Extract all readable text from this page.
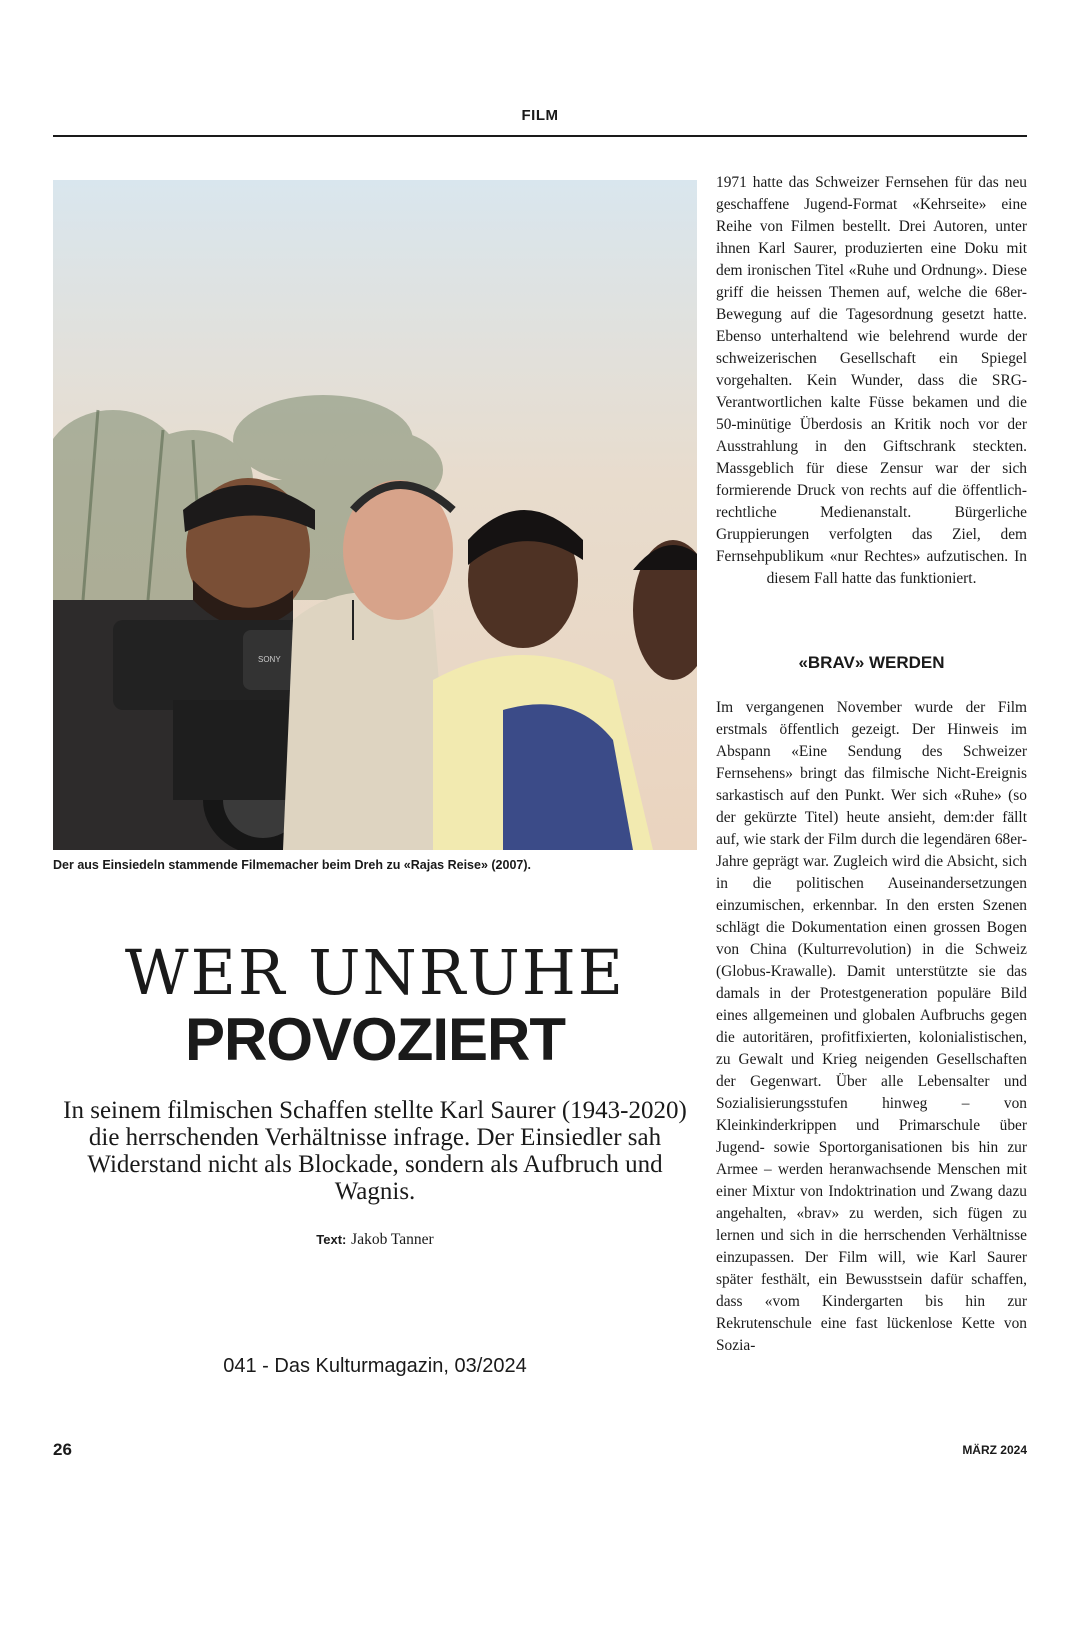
FILM
SONY
Der aus Einsiedeln stammende Filmemacher beim Dreh zu «Rajas Reise» (2007).
WER UNRUHE
PROVOZIERT
In seinem filmischen Schaffen stellte Karl Saurer (1943-2020) die herrschenden Verhältnisse infrage. Der Einsiedler sah Widerstand nicht als Blockade, sondern als Aufbruch und Wagnis.
Text: Jakob Tanner
041 - Das Kulturmagazin, 03/2024

1971 hatte das Schweizer Fernsehen für das neu geschaffene Jugend-Format «Kehrseite» eine Reihe von Filmen bestellt. Drei Autoren, unter ihnen Karl Saurer, produzierten eine Doku mit dem ironischen Titel «Ruhe und Ordnung». Diese griff die heissen Themen auf, welche die 68er-Bewegung auf die Tagesordnung gesetzt hatte. Ebenso unterhaltend wie belehrend wurde der schweizerischen Gesellschaft ein Spiegel vorgehalten. Kein Wunder, dass die SRG-Verantwortlichen kalte Füsse bekamen und die 50-minütige Überdosis an Kritik noch vor der Ausstrahlung in den Giftschrank steckten. Massgeblich für diese Zensur war der sich formierende Druck von rechts auf die öffentlich-rechtliche Medienanstalt. Bürgerliche Gruppierungen verfolgten das Ziel, dem Fernsehpublikum «nur Rechtes» aufzutischen. In diesem Fall hatte das funktioniert.

«BRAV» WERDEN

Im vergangenen November wurde der Film erstmals öffentlich gezeigt. Der Hinweis im Abspann «Eine Sendung des Schweizer Fernsehens» bringt das filmische Nicht-Ereignis sarkastisch auf den Punkt. Wer sich «Ruhe» (so der gekürzte Titel) heute ansieht, dem:der fällt auf, wie stark der Film durch die legendären 68er-Jahre geprägt war. Zugleich wird die Absicht, sich in die politischen Auseinandersetzungen einzumischen, erkennbar. In den ersten Szenen schlägt die Dokumentation einen grossen Bogen von China (Kulturrevolution) in die Schweiz (Globus-Krawalle). Damit unterstützte sie das damals in der Protestgeneration populäre Bild eines allgemeinen und globalen Aufbruchs gegen die autoritären, profitfixierten, kolonialistischen, zu Gewalt und Krieg neigenden Gesellschaften der Gegenwart. Über alle Lebensalter und Sozialisierungsstufen hinweg – von Kleinkinderkrippen und Primarschule über Jugend- sowie Sportorganisationen bis hin zur Armee – werden heranwachsende Menschen mit einer Mixtur von Indoktrination und Zwang dazu angehalten, «brav» zu werden, sich fügen zu lernen und sich in die herrschenden Verhältnisse einzupassen. Der Film will, wie Karl Saurer später festhält, ein Bewusstsein dafür schaffen, dass «vom Kindergarten bis hin zur Rekrutenschule eine fast lückenlose Kette von Sozia-

26	MÄRZ 2024
